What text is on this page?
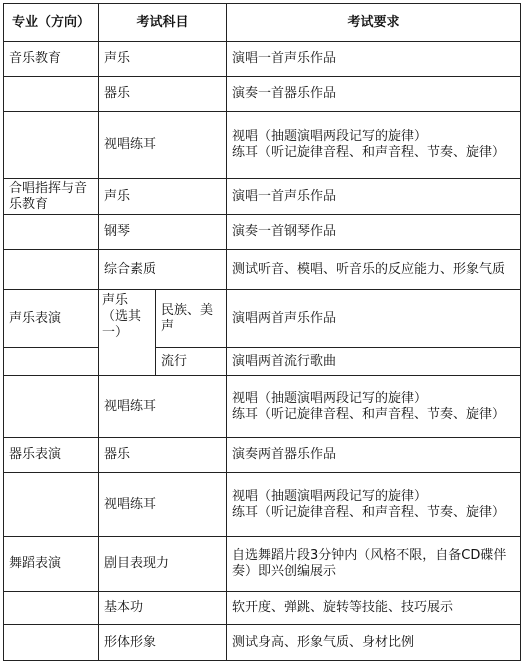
专业（方向）	考试科目		考试要求
音乐教育	声乐		演唱一首声乐作品
	器乐		演奏一首器乐作品
	视唱练耳		视唱（抽题演唱两段记写的旋律）
练耳（听记旋律音程、和声音程、节奏、旋律）
合唱指挥与音乐教育	声乐		演唱一首声乐作品
	钢琴		演奏一首钢琴作品
	综合素质		测试听音、模唱、听音乐的反应能力、形象气质
声乐表演	声乐（选其一）	民族、美声	演唱两首声乐作品
		流行	演唱两首流行歌曲
	视唱练耳		视唱（抽题演唱两段记写的旋律）
练耳（听记旋律音程、和声音程、节奏、旋律）
器乐表演	器乐		演奏两首器乐作品
	视唱练耳		视唱（抽题演唱两段记写的旋律）
练耳（听记旋律音程、和声音程、节奏、旋律）
舞蹈表演	剧目表现力		自选舞蹈片段3分钟内（风格不限，自备CD碟伴奏）即兴创编展示
	基本功		软开度、弹跳、旋转等技能、技巧展示
	形体形象		测试身高、形象气质、身材比例
